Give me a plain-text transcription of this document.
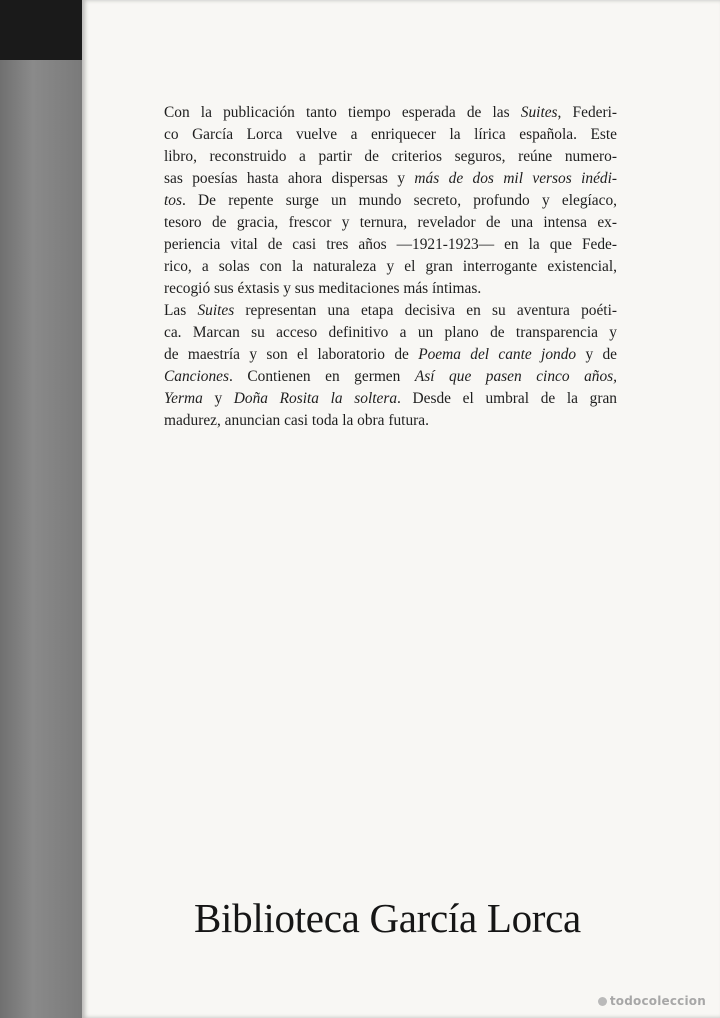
Con la publicación tanto tiempo esperada de las Suites, Federi-
co García Lorca vuelve a enriquecer la lírica española. Este
libro, reconstruido a partir de criterios seguros, reúne numero-
sas poesías hasta ahora dispersas y más de dos mil versos inédi-
tos. De repente surge un mundo secreto, profundo y elegíaco,
tesoro de gracia, frescor y ternura, revelador de una intensa ex-
periencia vital de casi tres años —1921-1923— en la que Fede-
rico, a solas con la naturaleza y el gran interrogante existencial,
recogió sus éxtasis y sus meditaciones más íntimas.
Las Suites representan una etapa decisiva en su aventura poéti-
ca. Marcan su acceso definitivo a un plano de transparencia y
de maestría y son el laboratorio de Poema del cante jondo y de
Canciones. Contienen en germen Así que pasen cinco años,
Yerma y Doña Rosita la soltera. Desde el umbral de la gran
madurez, anuncian casi toda la obra futura.
Biblioteca García Lorca
todocoleccion
